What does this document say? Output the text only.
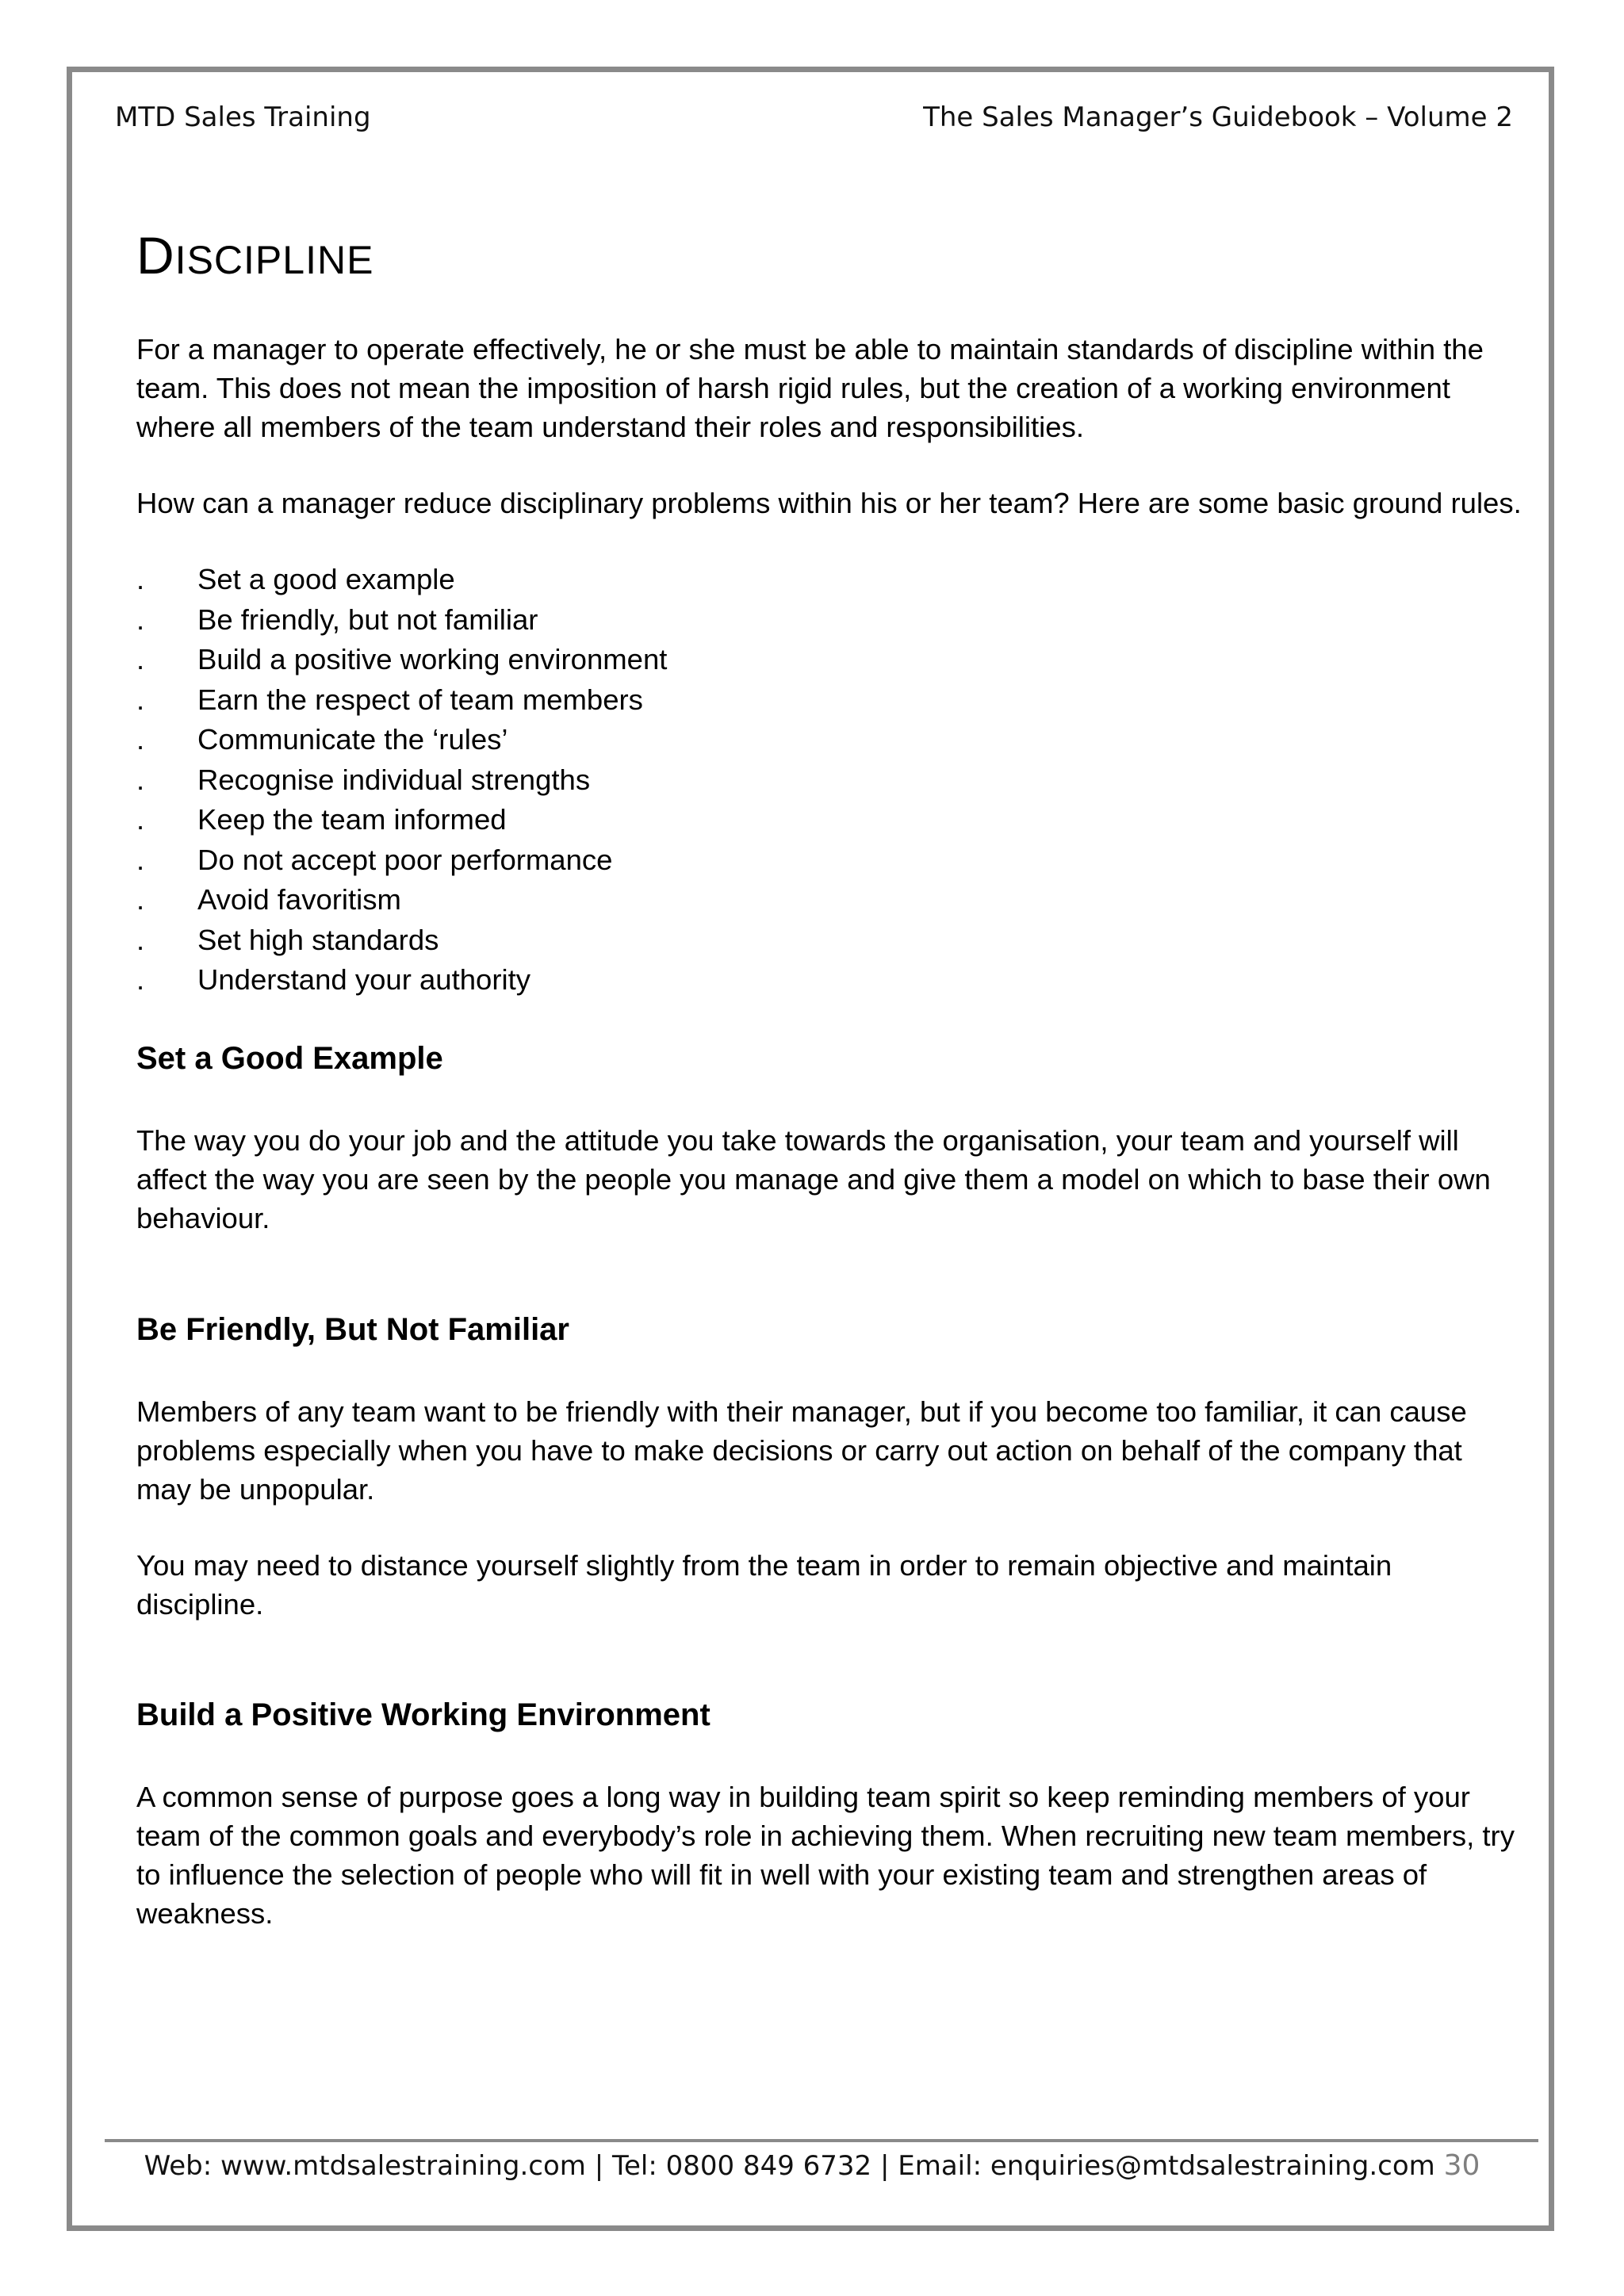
MTD Sales Training	The Sales Manager’s Guidebook – Volume 2
DISCIPLINE

For a manager to operate effectively, he or she must be able to maintain standards of discipline within the team. This does not mean the imposition of harsh rigid rules, but the creation of a working environment where all members of the team understand their roles and responsibilities.

How can a manager reduce disciplinary problems within his or her team? Here are some basic ground rules.

.	Set a good example
.	Be friendly, but not familiar
.	Build a positive working environment
.	Earn the respect of team members
.	Communicate the ‘rules’
.	Recognise individual strengths
.	Keep the team informed
.	Do not accept poor performance
.	Avoid favoritism
.	Set high standards
.	Understand your authority
Set a Good Example

The way you do your job and the attitude you take towards the organisation, your team and yourself will affect the way you are seen by the people you manage and give them a model on which to base their own behaviour.

Be Friendly, But Not Familiar

Members of any team want to be friendly with their manager, but if you become too familiar, it can cause problems especially when you have to make decisions or carry out action on behalf of the company that may be unpopular.

You may need to distance yourself slightly from the team in order to remain objective and maintain discipline.

Build a Positive Working Environment

A common sense of purpose goes a long way in building team spirit so keep reminding members of your team of the common goals and everybody’s role in achieving them. When recruiting new team members, try to influence the selection of people who will fit in well with your existing team and strengthen areas of weakness.

Web: www.mtdsalestraining.com | Tel: 0800 849 6732 | Email: enquiries@mtdsalestraining.com 30
